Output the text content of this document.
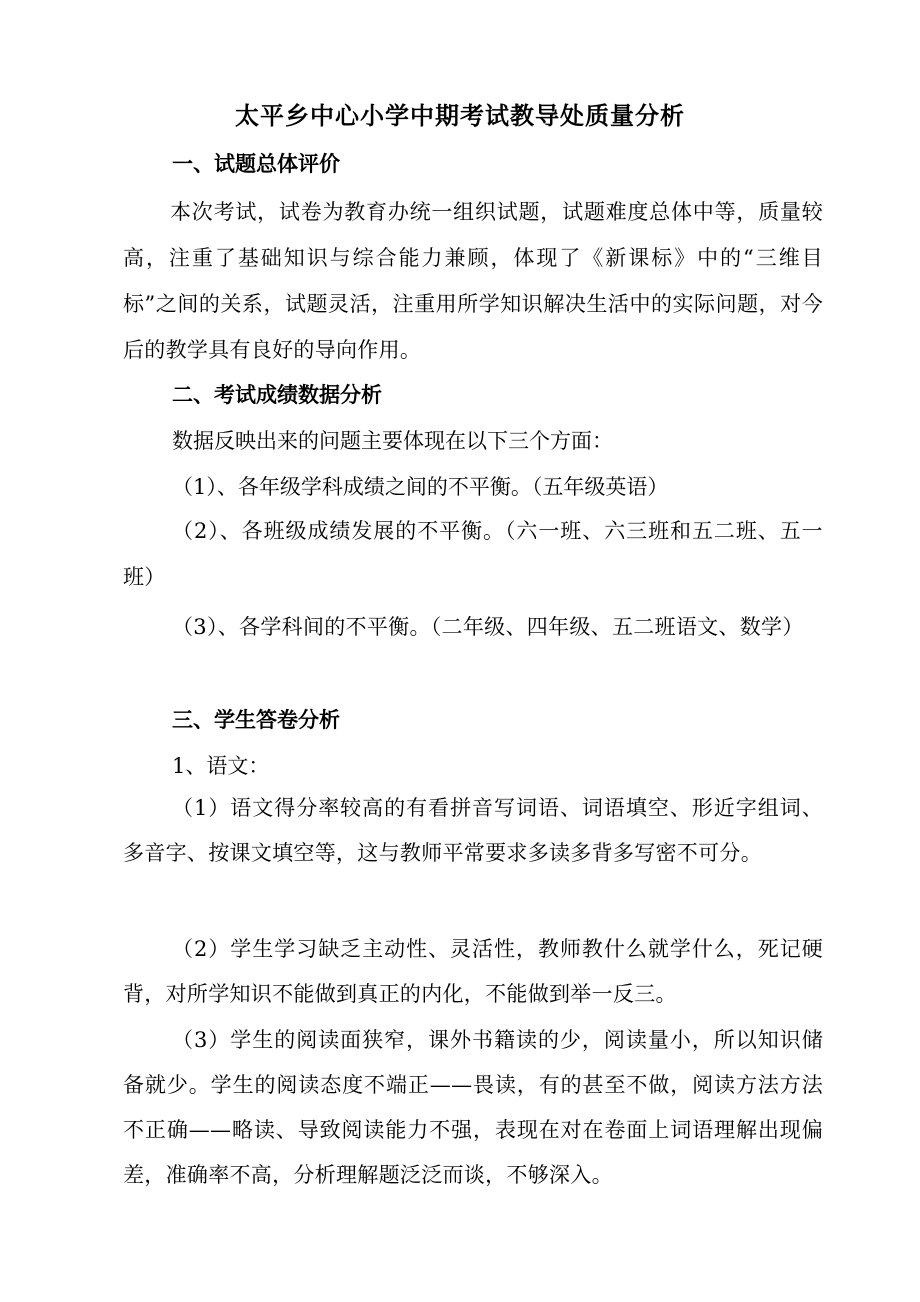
太平乡中心小学中期考试教导处质量分析
一、试题总体评价
本次考试，试卷为教育办统一组织试题，试题难度总体中等，质量较高，注重了基础知识与综合能力兼顾，体现了《新课标》中的“三维目标”之间的关系，试题灵活，注重用所学知识解决生活中的实际问题，对今后的教学具有良好的导向作用。
二、考试成绩数据分析
数据反映出来的问题主要体现在以下三个方面：
（1）、各年级学科成绩之间的不平衡。（五年级英语）
（2）、各班级成绩发展的不平衡。（六一班、六三班和五二班、五一班）
（3）、各学科间的不平衡。（二年级、四年级、五二班语文、数学）
三、学生答卷分析
1、语文：
（1）语文得分率较高的有看拼音写词语、词语填空、形近字组词、多音字、按课文填空等，这与教师平常要求多读多背多写密不可分。
（2）学生学习缺乏主动性、灵活性，教师教什么就学什么，死记硬背，对所学知识不能做到真正的内化，不能做到举一反三。
（3）学生的阅读面狭窄，课外书籍读的少，阅读量小，所以知识储备就少。学生的阅读态度不端正——畏读，有的甚至不做，阅读方法方法不正确——略读、导致阅读能力不强，表现在对在卷面上词语理解出现偏差，准确率不高，分析理解题泛泛而谈，不够深入。
